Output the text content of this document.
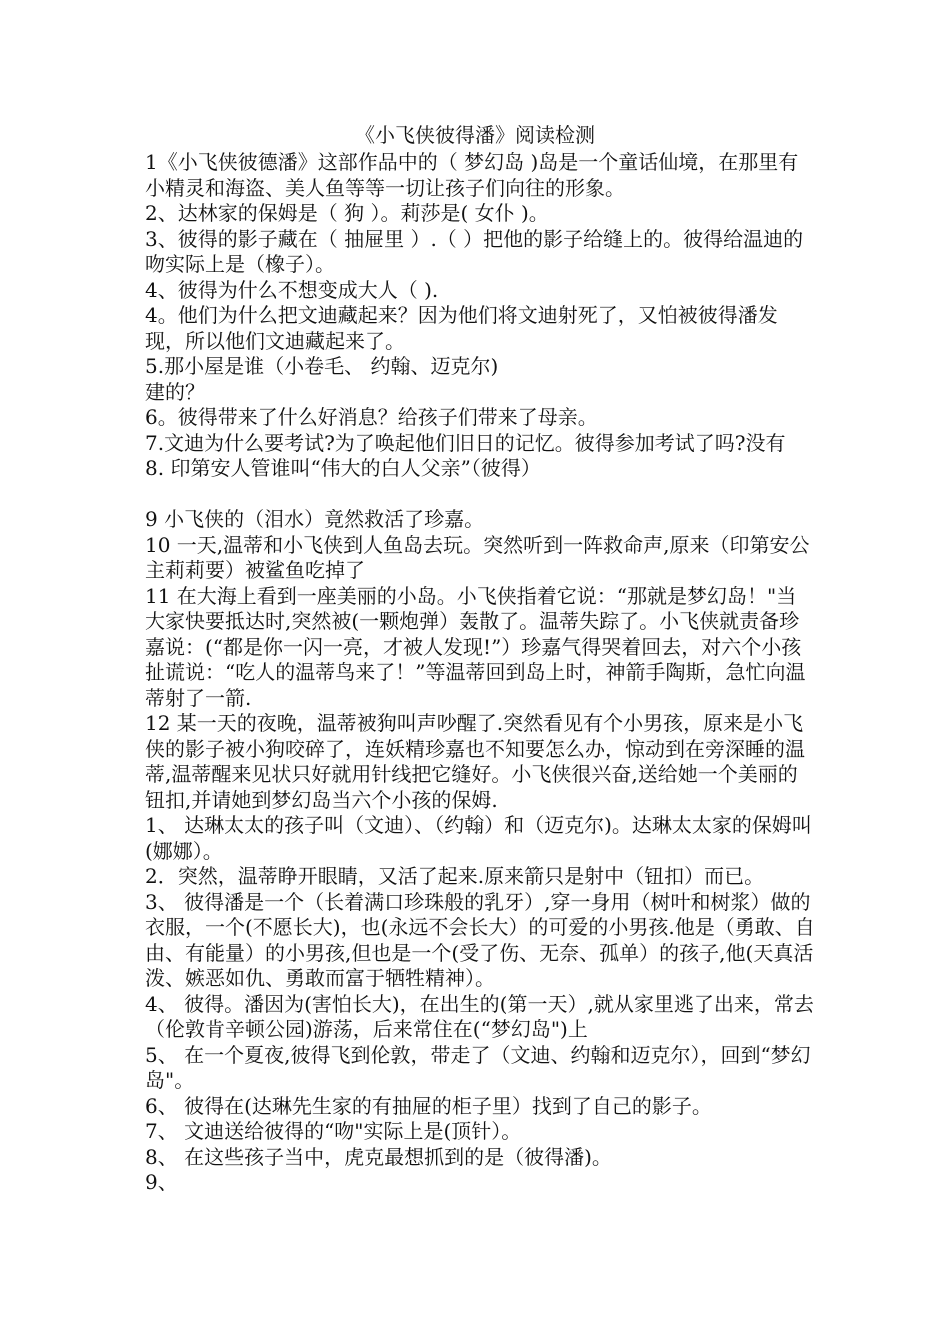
《小飞侠彼得潘》阅读检测

1《小飞侠彼德潘》这部作品中的（ 梦幻岛 )岛是一个童话仙境，在那里有小精灵和海盗、美人鱼等等一切让孩子们向往的形象。

2、达林家的保姆是（ 狗 ）。莉莎是( 女仆 )。

3、彼得的影子藏在（ 抽屉里 ）.（ ）把他的影子给缝上的。彼得给温迪的吻实际上是（橡子）。

4、彼得为什么不想变成大人（ ).

4。他们为什么把文迪藏起来？因为他们将文迪射死了，又怕被彼得潘发现，所以他们文迪藏起来了。

5.那小屋是谁（小卷毛、 约翰、迈克尔)

建的？

6。彼得带来了什么好消息？给孩子们带来了母亲。

7.文迪为什么要考试?为了唤起他们旧日的记忆。彼得参加考试了吗?没有

8. 印第安人管谁叫“伟大的白人父亲”（彼得）

9 小飞侠的（泪水）竟然救活了珍嘉。

10 一天,温蒂和小飞侠到人鱼岛去玩。突然听到一阵救命声,原来（印第安公主莉莉要）被鲨鱼吃掉了

11 在大海上看到一座美丽的小岛。小飞侠指着它说：“那就是梦幻岛！"当大家快要抵达时,突然被(一颗炮弹）轰散了。温蒂失踪了。小飞侠就责备珍嘉说：(“都是你一闪一亮，才被人发现!”）珍嘉气得哭着回去，对六个小孩扯谎说：“吃人的温蒂鸟来了！”等温蒂回到岛上时，神箭手陶斯，急忙向温蒂射了一箭.

12 某一天的夜晚，温蒂被狗叫声吵醒了.突然看见有个小男孩，原来是小飞侠的影子被小狗咬碎了，连妖精珍嘉也不知要怎么办，惊动到在旁深睡的温蒂,温蒂醒来见状只好就用针线把它缝好。小飞侠很兴奋,送给她一个美丽的钮扣,并请她到梦幻岛当六个小孩的保姆.

1、 达琳太太的孩子叫（文迪）、（约翰）和（迈克尔)。达琳太太家的保姆叫(娜娜）。

2．突然，温蒂睁开眼睛，又活了起来.原来箭只是射中（钮扣）而已。

3、 彼得潘是一个（长着满口珍珠般的乳牙）,穿一身用（树叶和树浆）做的衣服，一个(不愿长大)，也(永远不会长大）的可爱的小男孩.他是（勇敢、自由、有能量）的小男孩,但也是一个(受了伤、无奈、孤单）的孩子,他(天真活泼、嫉恶如仇、勇敢而富于牺牲精神）。

4、 彼得。潘因为(害怕长大)，在出生的(第一天）,就从家里逃了出来，常去（伦敦肯辛顿公园)游荡，后来常住在(“梦幻岛")上

5、 在一个夏夜,彼得飞到伦敦，带走了（文迪、约翰和迈克尔），回到“梦幻岛"。

6、 彼得在(达琳先生家的有抽屉的柜子里）找到了自己的影子。

7、 文迪送给彼得的“吻"实际上是(顶针）。

8、 在这些孩子当中，虎克最想抓到的是（彼得潘)。

9、
